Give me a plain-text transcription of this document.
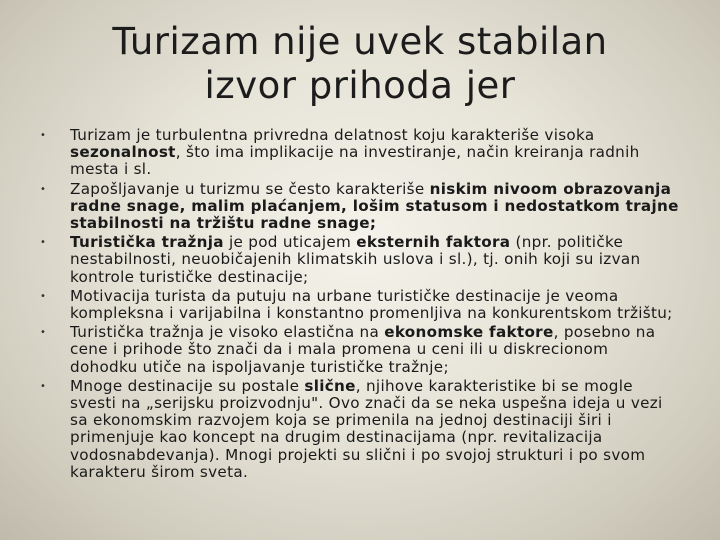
Turizam nije uvek stabilan
izvor prihoda jer
• Turizam je turbulentna privredna delatnost koju karakteriše visoka sezonalnost, što ima implikacije na investiranje, način kreiranja radnih mesta i sl.
• Zapošljavanje u turizmu se često karakteriše niskim nivoom obrazovanja radne snage, malim plaćanjem, lošim statusom i nedostatkom trajne stabilnosti na tržištu radne snage;
• Turistička tražnja je pod uticajem eksternih faktora (npr. političke nestabilnosti, neuobičajenih klimatskih uslova i sl.), tj. onih koji su izvan kontrole turističke destinacije;
• Motivacija turista da putuju na urbane turističke destinacije je veoma kompleksna i varijabilna i konstantno promenljiva na konkurentskom tržištu;
• Turistička tražnja je visoko elastična na ekonomske faktore, posebno na cene i prihode što znači da i mala promena u ceni ili u diskrecionom dohodku utiče na ispoljavanje turističke tražnje;
• Mnoge destinacije su postale slične, njihove karakteristike bi se mogle svesti na „serijsku proizvodnju". Ovo znači da se neka uspešna ideja u vezi sa ekonomskim razvojem koja se primenila na jednoj destinaciji širi i primenjuje kao koncept na drugim destinacijama (npr. revitalizacija vodosnabdevanja). Mnogi projekti su slični i po svojoj strukturi i po svom karakteru širom sveta.
